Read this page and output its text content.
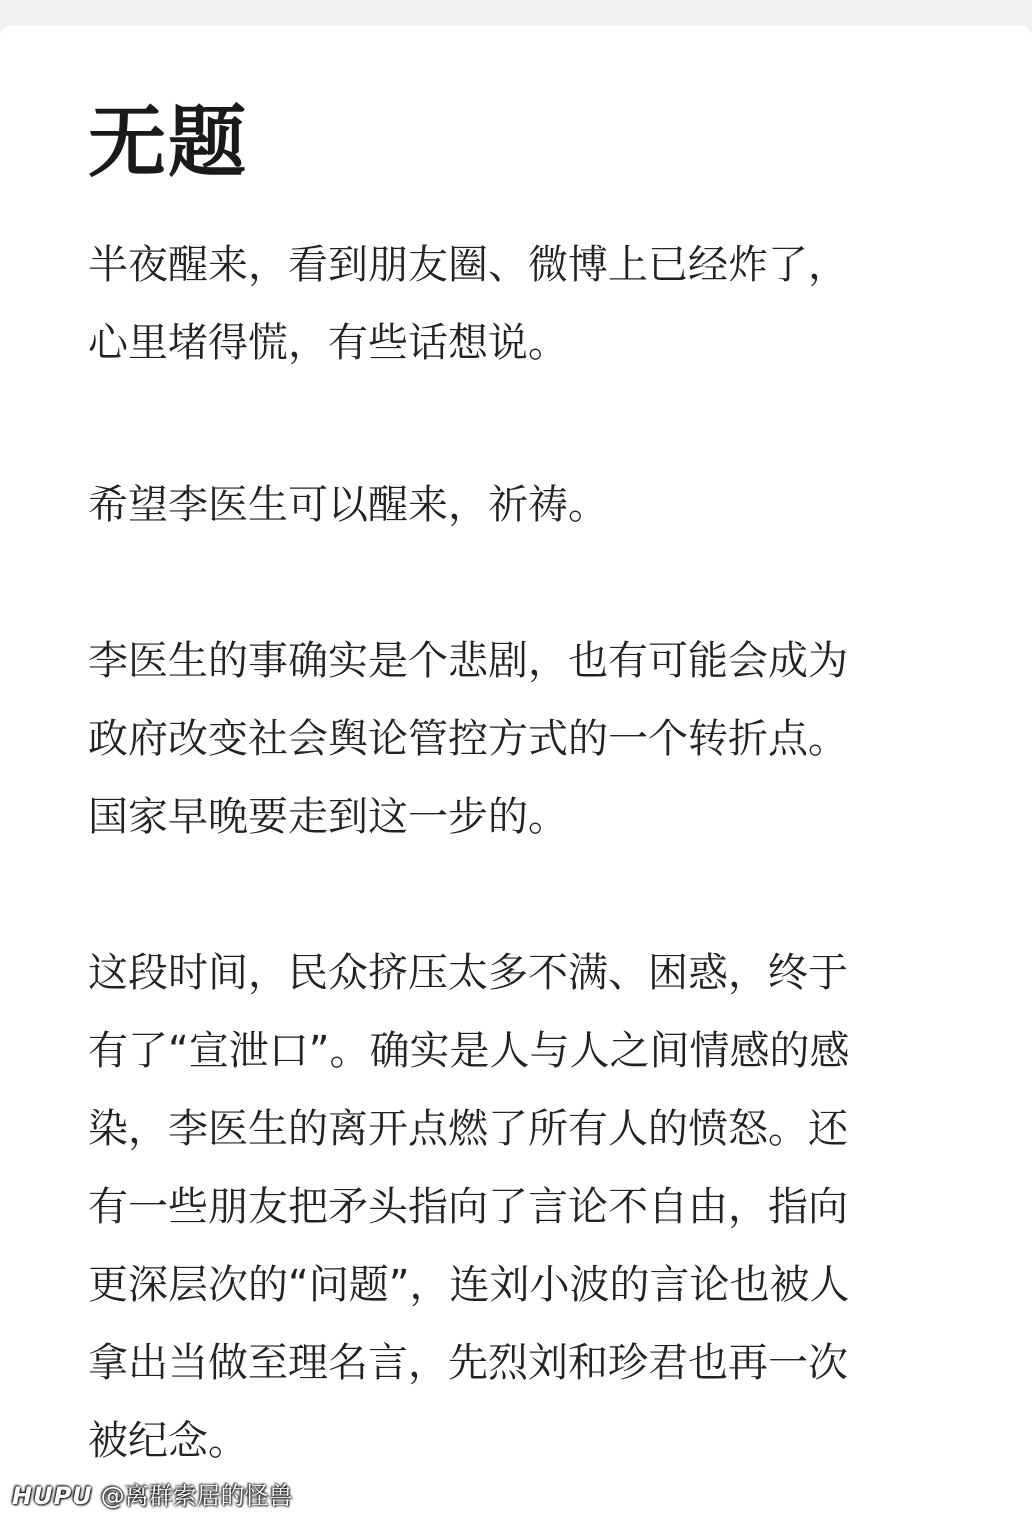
无题

半夜醒来，看到朋友圈、微博上已经炸了，
心里堵得慌，有些话想说。

希望李医生可以醒来，祈祷。

李医生的事确实是个悲剧，也有可能会成为
政府改变社会舆论管控方式的一个转折点。
国家早晚要走到这一步的。

这段时间，民众挤压太多不满、困惑，终于
有了“宣泄口”。确实是人与人之间情感的感
染，李医生的离开点燃了所有人的愤怒。还
有一些朋友把矛头指向了言论不自由，指向
更深层次的“问题”，连刘小波的言论也被人
拿出当做至理名言，先烈刘和珍君也再一次
被纪念。

HUPU @离群索居的怪兽
